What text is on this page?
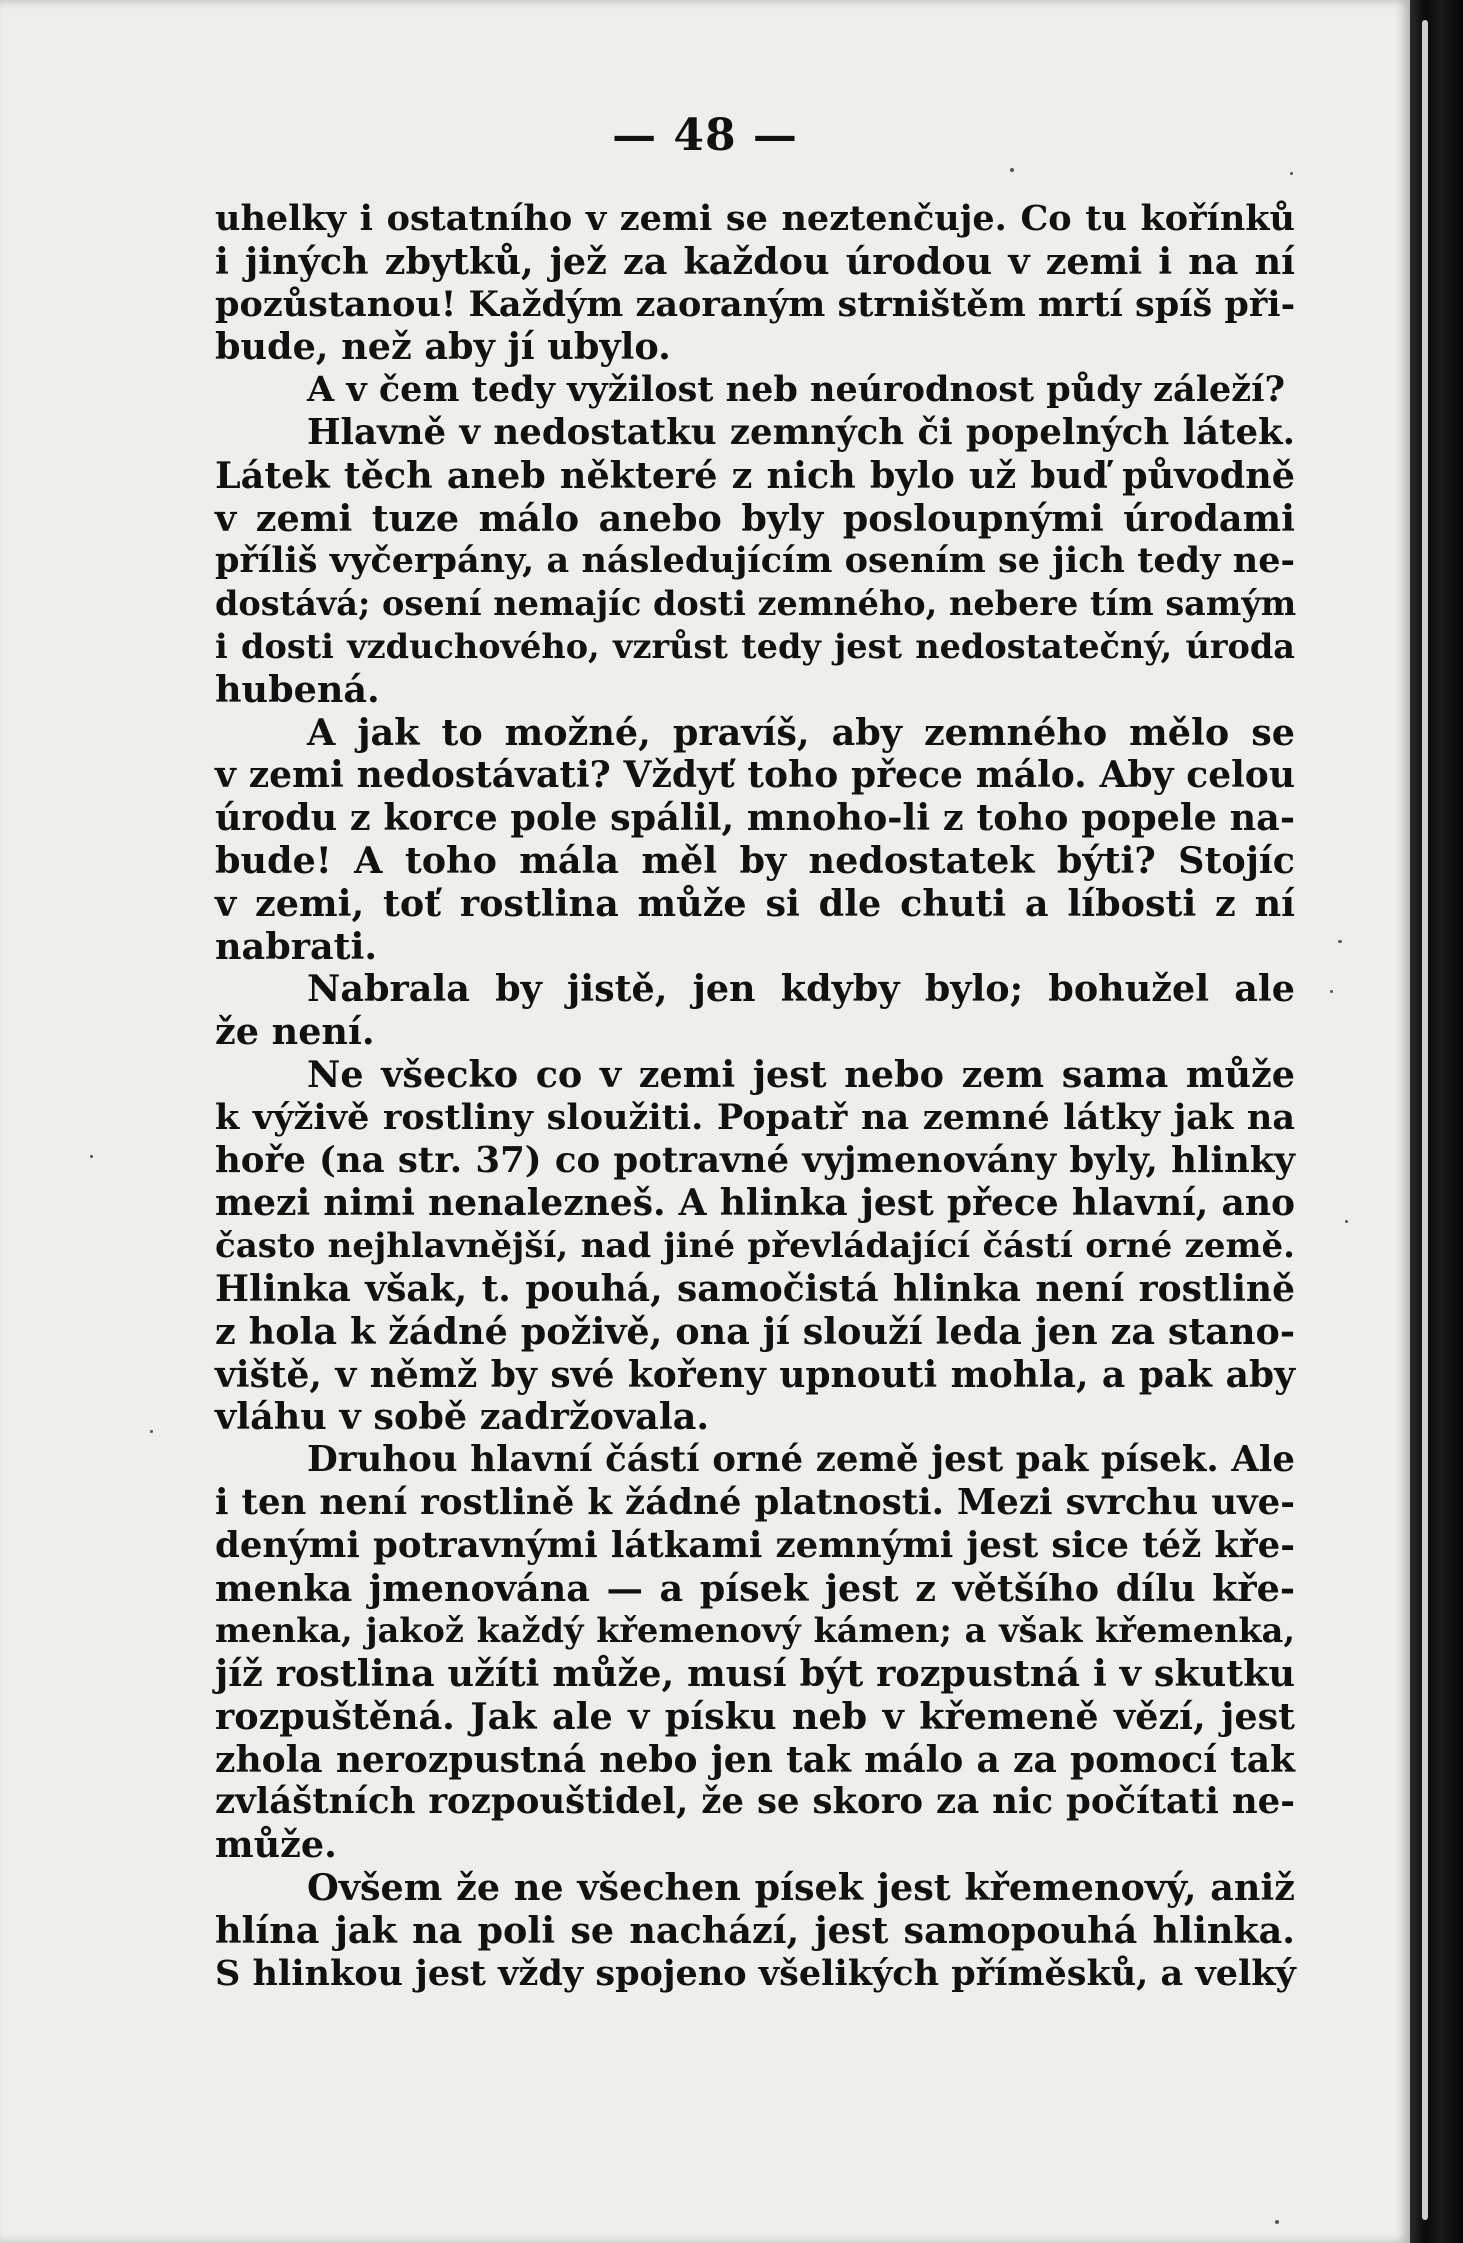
— 48 —
uhelky i ostatního v zemi se neztenčuje. Co tu kořínků
i jiných zbytků, jež za každou úrodou v zemi i na ní
pozůstanou! Každým zaoraným strništěm mrtí spíš při-
bude, než aby jí ubylo.
A v čem tedy vyžilost neb neúrodnost půdy záleží?
Hlavně v nedostatku zemných či popelných látek.
Látek těch aneb některé z nich bylo už buď původně
v zemi tuze málo anebo byly posloupnými úrodami
příliš vyčerpány, a následujícím osením se jich tedy ne-
dostává; osení nemajíc dosti zemného, nebere tím samým
i dosti vzduchového, vzrůst tedy jest nedostatečný, úroda
hubená.
A jak to možné, pravíš, aby zemného mělo se
v zemi nedostávati? Vždyť toho přece málo. Aby celou
úrodu z korce pole spálil, mnoho-li z toho popele na-
bude! A toho mála měl by nedostatek býti? Stojíc
v zemi, toť rostlina může si dle chuti a líbosti z ní
nabrati.
Nabrala by jistě, jen kdyby bylo; bohužel ale
že není.
Ne všecko co v zemi jest nebo zem sama může
k výživě rostliny sloužiti. Popatř na zemné látky jak na
hoře (na str. 37) co potravné vyjmenovány byly, hlinky
mezi nimi nenalezneš. A hlinka jest přece hlavní, ano
často nejhlavnější, nad jiné převládající částí orné země.
Hlinka však, t. pouhá, samočistá hlinka není rostlině
z hola k žádné poživě, ona jí slouží leda jen za stano-
viště, v němž by své kořeny upnouti mohla, a pak aby
vláhu v sobě zadržovala.
Druhou hlavní částí orné země jest pak písek. Ale
i ten není rostlině k žádné platnosti. Mezi svrchu uve-
denými potravnými látkami zemnými jest sice též kře-
menka jmenována — a písek jest z většího dílu kře-
menka, jakož každý křemenový kámen; a však křemenka,
jíž rostlina užíti může, musí být rozpustná i v skutku
rozpuštěná. Jak ale v písku neb v křemeně vězí, jest
zhola nerozpustná nebo jen tak málo a za pomocí tak
zvláštních rozpouštidel, že se skoro za nic počítati ne-
může.
Ovšem že ne všechen písek jest křemenový, aniž
hlína jak na poli se nachází, jest samopouhá hlinka.
S hlinkou jest vždy spojeno všelikých příměsků, a velký
